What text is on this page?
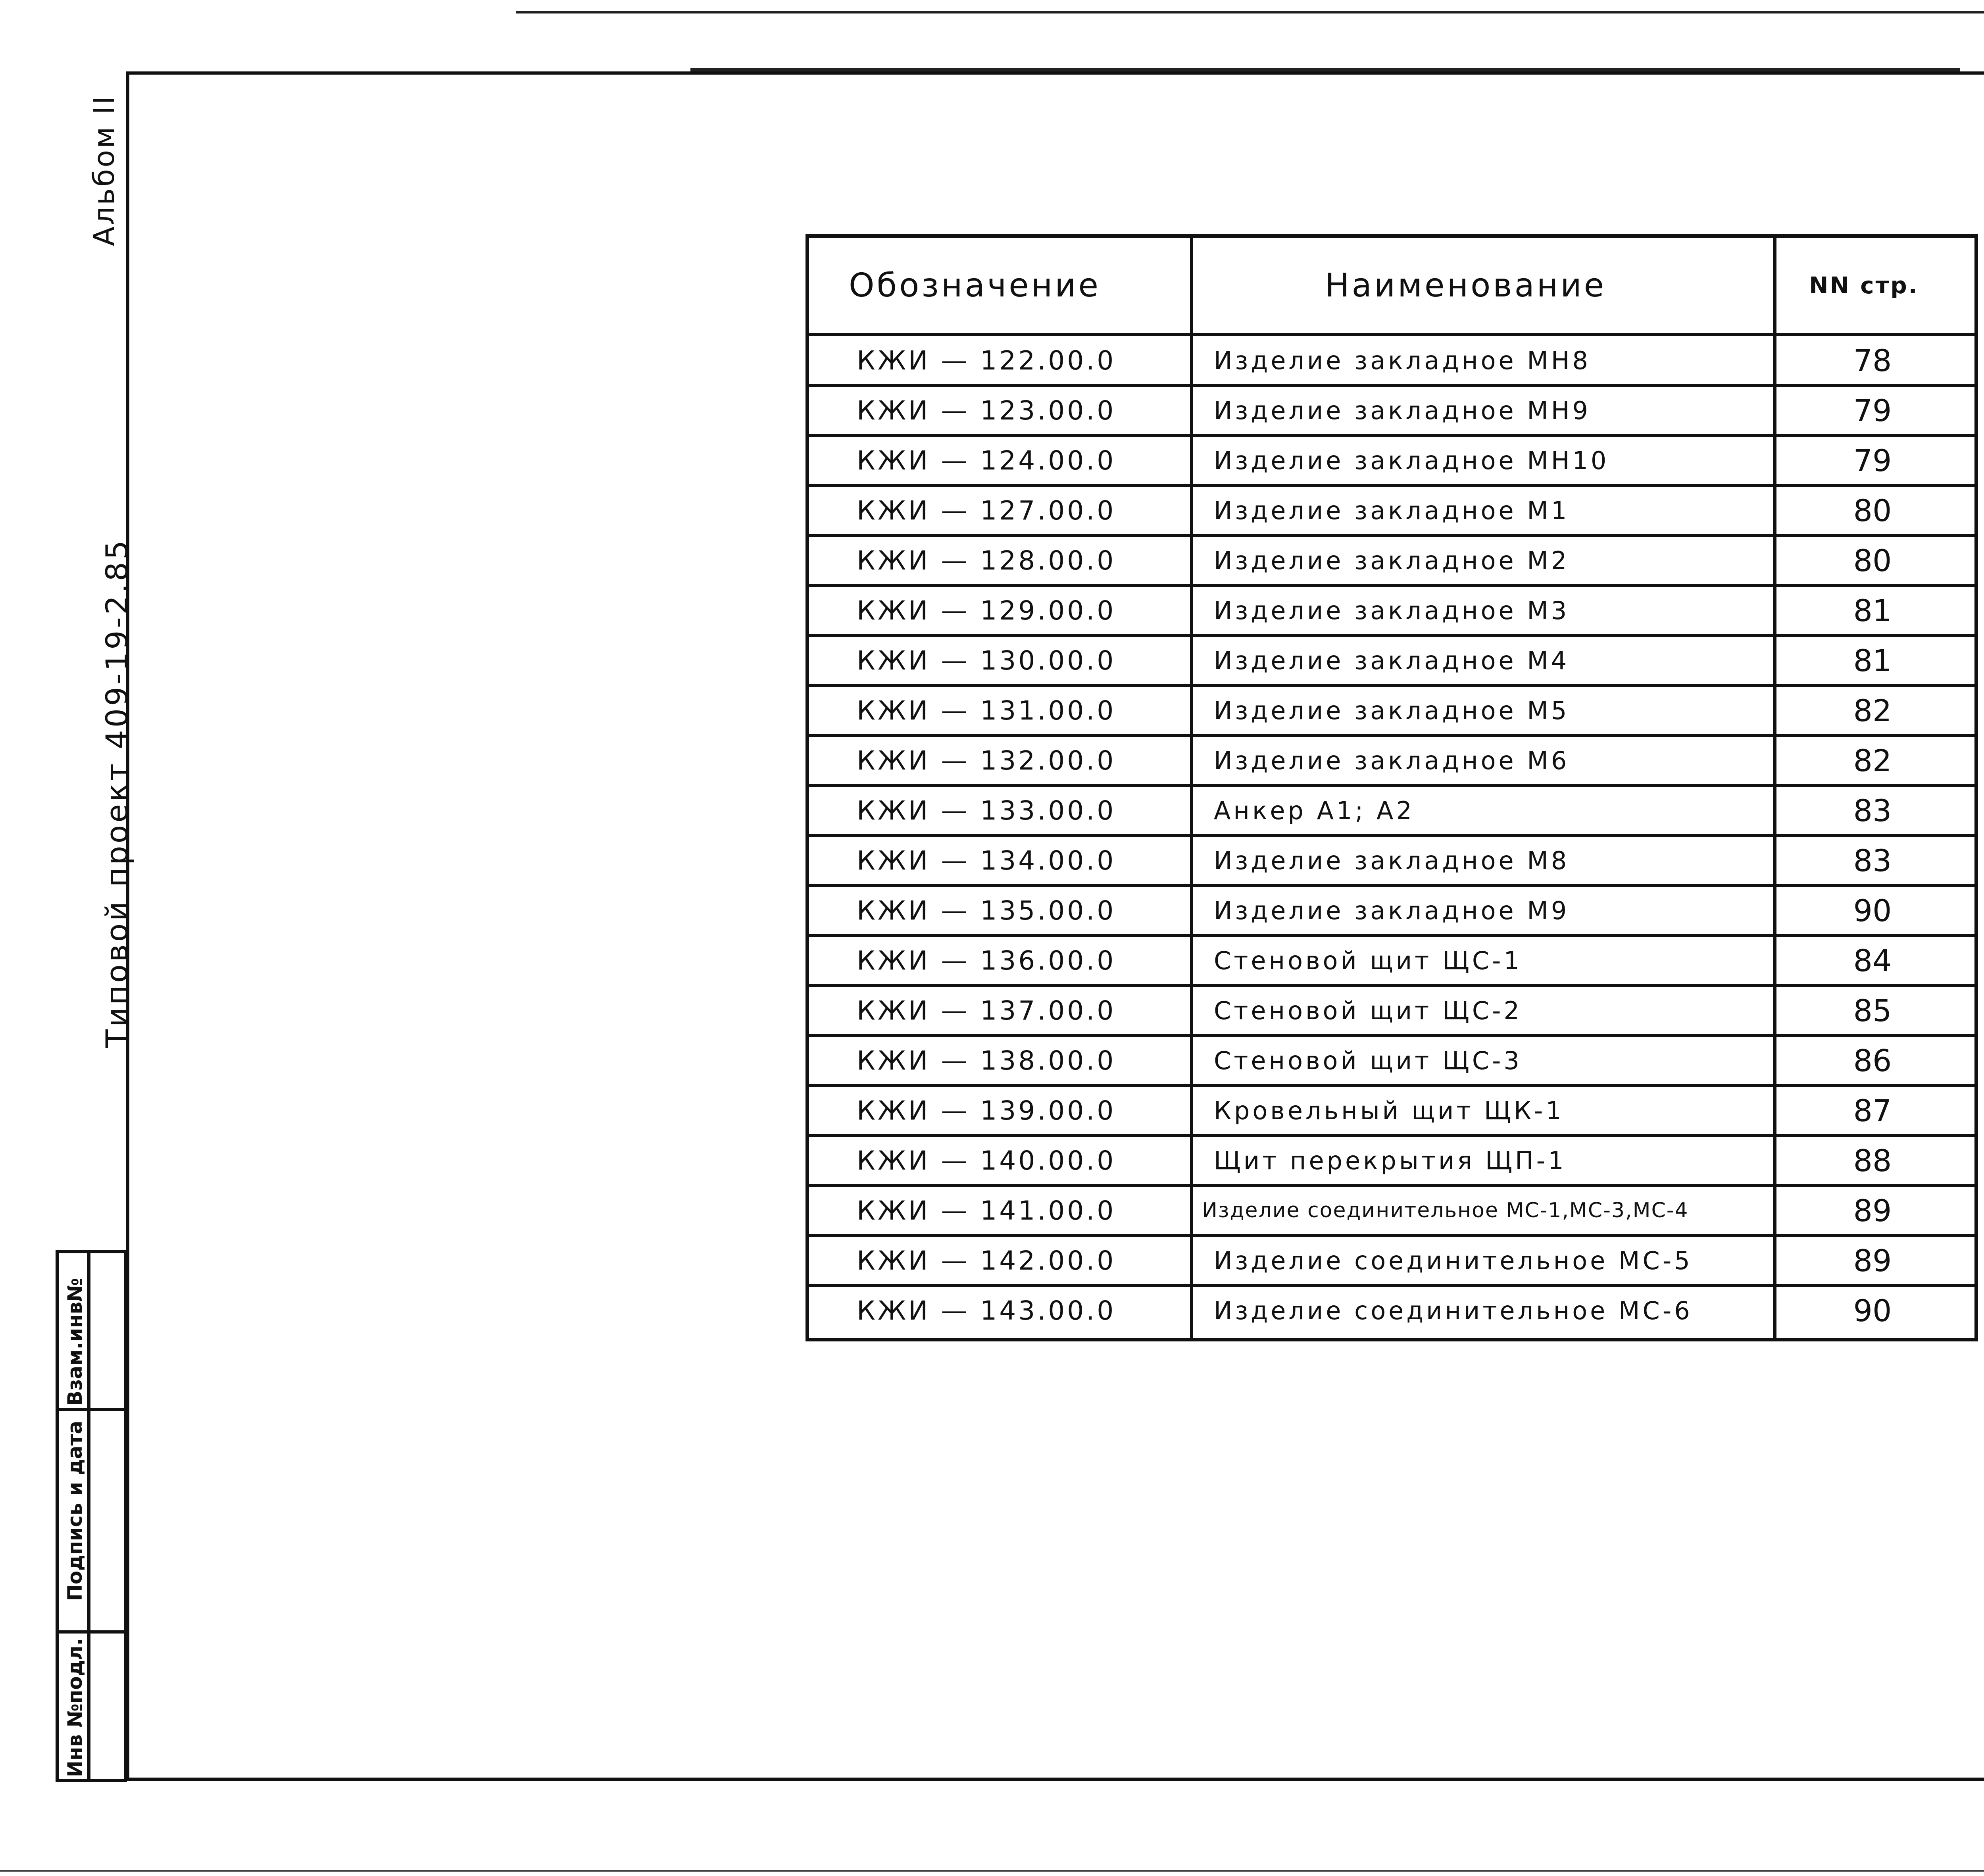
Альбом II
Типовой проект 409-19-2.85
Инв №подл.
Подпись и дата
Взам.инв№
Обозначение	Наименование	NN стр.
КЖИ — 122.00.0	Изделие закладное МН8	78
КЖИ — 123.00.0	Изделие закладное МН9	79
КЖИ — 124.00.0	Изделие закладное МН10	79
КЖИ — 127.00.0	Изделие закладное М1	80
КЖИ — 128.00.0	Изделие закладное М2	80
КЖИ — 129.00.0	Изделие закладное М3	81
КЖИ — 130.00.0	Изделие закладное М4	81
КЖИ — 131.00.0	Изделие закладное М5	82
КЖИ — 132.00.0	Изделие закладное М6	82
КЖИ — 133.00.0	Анкер А1; А2	83
КЖИ — 134.00.0	Изделие закладное М8	83
КЖИ — 135.00.0	Изделие закладное М9	90
КЖИ — 136.00.0	Стеновой щит ЩС-1	84
КЖИ — 137.00.0	Стеновой щит ЩС-2	85
КЖИ — 138.00.0	Стеновой щит ЩС-3	86
КЖИ — 139.00.0	Кровельный щит ЩК-1	87
КЖИ — 140.00.0	Щит перекрытия ЩП-1	88
КЖИ — 141.00.0	Изделие соединительное МС-1,МС-3,МС-4	89
КЖИ — 142.00.0	Изделие соединительное МС-5	89
КЖИ — 143.00.0	Изделие соединительное МС-6	90
